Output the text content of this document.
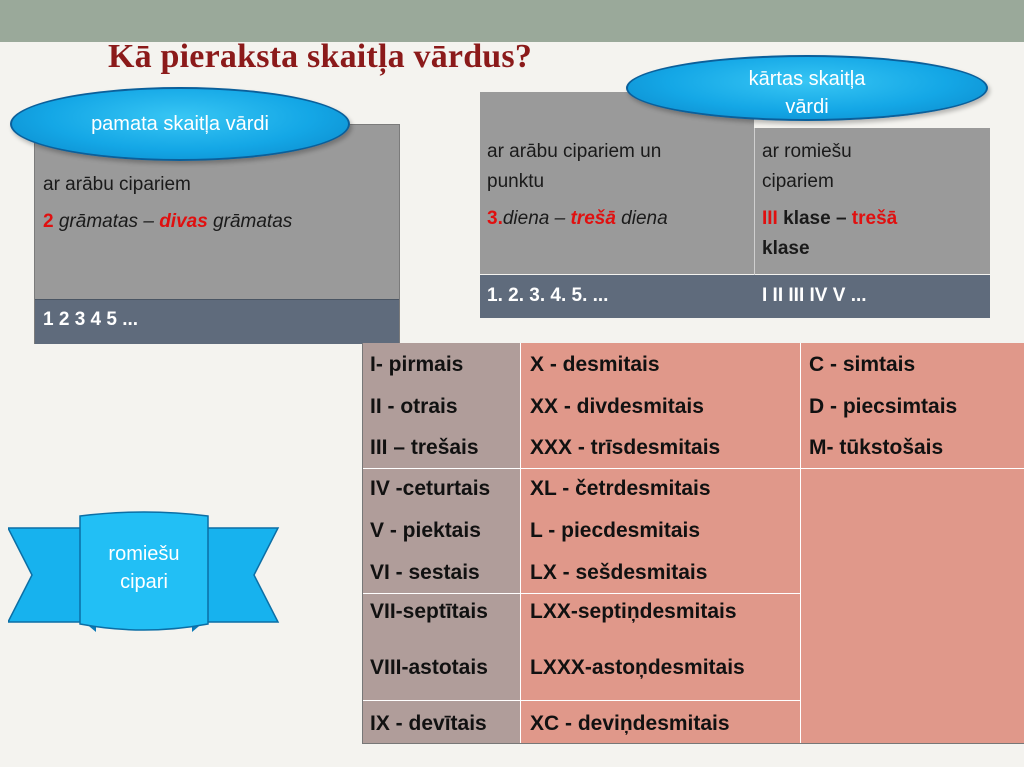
Kā pieraksta skaitļa vārdus?
ar arābu cipariem
2 grāmatas – divas grāmatas
1 2 3 4 5 ...
ar arābu cipariem un
punktu
3.diena – trešā diena
ar romiešu
cipariem
III klase – trešā
klase
1. 2. 3. 4. 5. ...	I II III IV V ...
pamata skaitļa vārdi
kārtas skaitļa
vārdi
I- pirmais
II - otrais
III – trešais
IV -ceturtais
V - piektais
VI - sestais
VII-septītais
VIII-astotais
IX - devītais
X - desmitais
XX - divdesmitais
XXX - trīsdesmitais
XL - četrdesmitais
L - piecdesmitais
LX - sešdesmitais
LXX-septiņdesmitais
LXXX-astoņdesmitais
XC - deviņdesmitais
C - simtais
D - piecsimtais
M- tūkstošais
romiešu
cipari
